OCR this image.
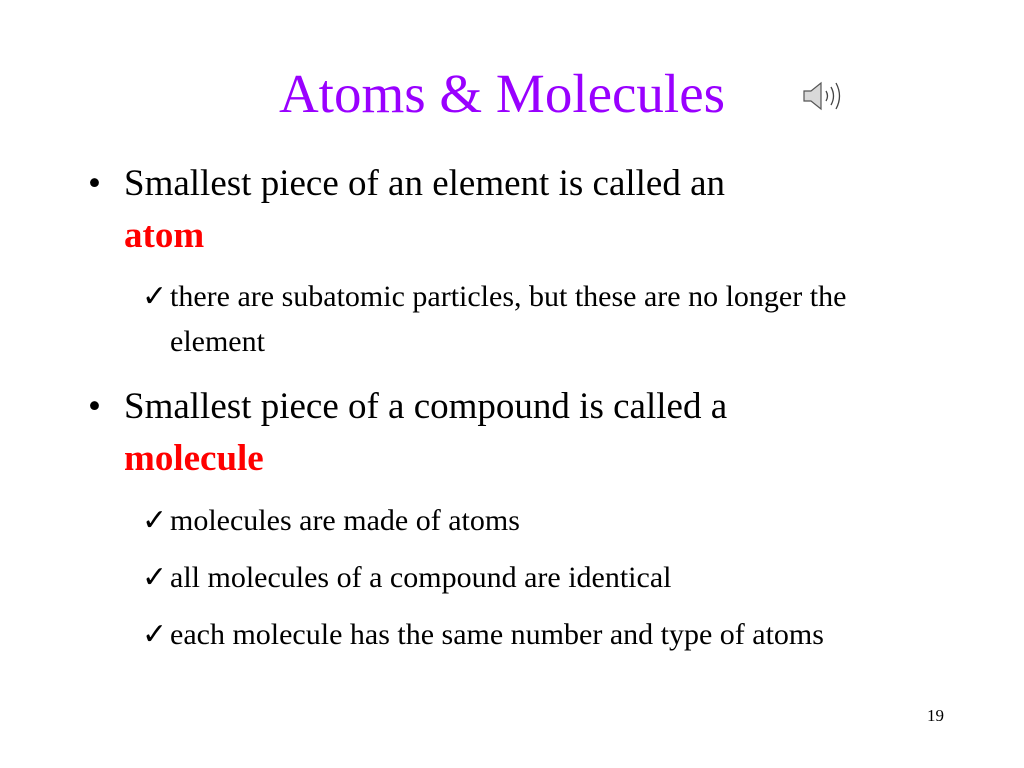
Atoms & Molecules
• Smallest piece of an element is called an
atom
✓ there are subatomic particles, but these are no longer the element
• Smallest piece of a compound is called a
molecule
✓ molecules are made of atoms
✓ all molecules of a compound are identical
✓ each molecule has the same number and type of atoms
19
